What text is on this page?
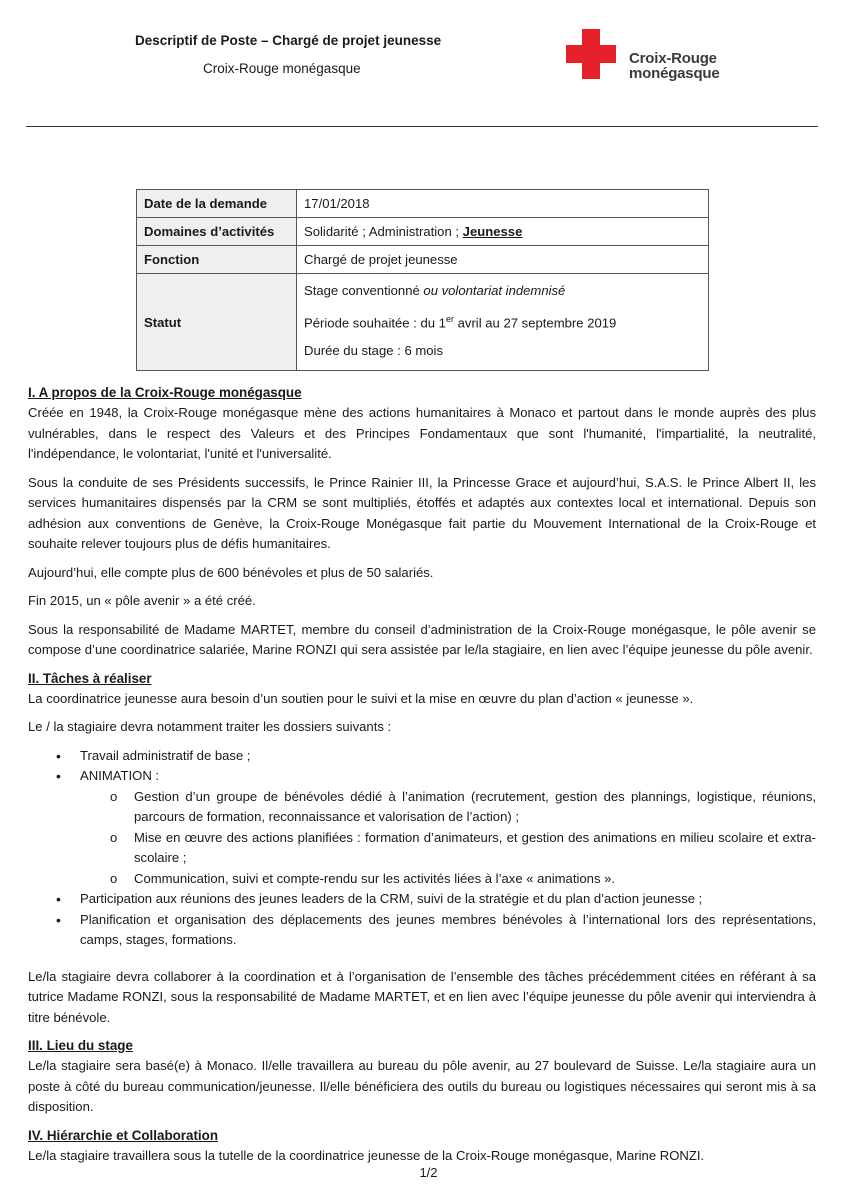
Descriptif de Poste – Chargé de projet jeunesse
Croix-Rouge monégasque
Croix-Rouge
monégasque
Date de la demande	17/01/2018
Domaines d’activités	Solidarité ; Administration ; Jeunesse
Fonction	Chargé de projet jeunesse
Statut	Stage conventionné ou volontariat indemnisé
Période souhaitée : du 1er avril au 27 septembre 2019
Durée du stage : 6 mois
I. A propos de la Croix-Rouge monégasque

Créée en 1948, la Croix-Rouge monégasque mène des actions humanitaires à Monaco et partout dans le monde auprès des plus vulnérables, dans le respect des Valeurs et des Principes Fondamentaux que sont l'humanité, l'impartialité, la neutralité, l'indépendance, le volontariat, l'unité et l'universalité.

Sous la conduite de ses Présidents successifs, le Prince Rainier III, la Princesse Grace et aujourd’hui, S.A.S. le Prince Albert II, les services humanitaires dispensés par la CRM se sont multipliés, étoffés et adaptés aux contextes local et international. Depuis son adhésion aux conventions de Genève, la Croix-Rouge Monégasque fait partie du Mouvement International de la Croix-Rouge et souhaite relever toujours plus de défis humanitaires.

Aujourd’hui, elle compte plus de 600 bénévoles et plus de 50 salariés.

Fin 2015, un « pôle avenir » a été créé.

Sous la responsabilité de Madame MARTET, membre du conseil d’administration de la Croix-Rouge monégasque, le pôle avenir se compose d’une coordinatrice salariée, Marine RONZI qui sera assistée par le/la stagiaire, en lien avec l’équipe jeunesse du pôle avenir.

II. Tâches à réaliser

La coordinatrice jeunesse aura besoin d’un soutien pour le suivi et la mise en œuvre du plan d’action « jeunesse ».

Le / la stagiaire devra notamment traiter les dossiers suivants :

• Travail administratif de base ;
• ANIMATION :
o Gestion d’un groupe de bénévoles dédié à l’animation (recrutement, gestion des plannings, logistique, réunions, parcours de formation, reconnaissance et valorisation de l’action) ;
o Mise en œuvre des actions planifiées : formation d’animateurs, et gestion des animations en milieu scolaire et extra-scolaire ;
o Communication, suivi et compte-rendu sur les activités liées à l’axe « animations ».
• Participation aux réunions des jeunes leaders de la CRM, suivi de la stratégie et du plan d’action jeunesse ;
• Planification et organisation des déplacements des jeunes membres bénévoles à l’international lors des représentations, camps, stages, formations.

Le/la stagiaire devra collaborer à la coordination et à l’organisation de l’ensemble des tâches précédemment citées en référant à sa tutrice Madame RONZI, sous la responsabilité de Madame MARTET, et en lien avec l’équipe jeunesse du pôle avenir qui interviendra à titre bénévole.

III. Lieu du stage

Le/la stagiaire sera basé(e) à Monaco. Il/elle travaillera au bureau du pôle avenir, au 27 boulevard de Suisse. Le/la stagiaire aura un poste à côté du bureau communication/jeunesse. Il/elle bénéficiera des outils du bureau ou logistiques nécessaires qui seront mis à sa disposition.

IV. Hiérarchie et Collaboration

Le/la stagiaire travaillera sous la tutelle de la coordinatrice jeunesse de la Croix-Rouge monégasque, Marine RONZI.

1/2
